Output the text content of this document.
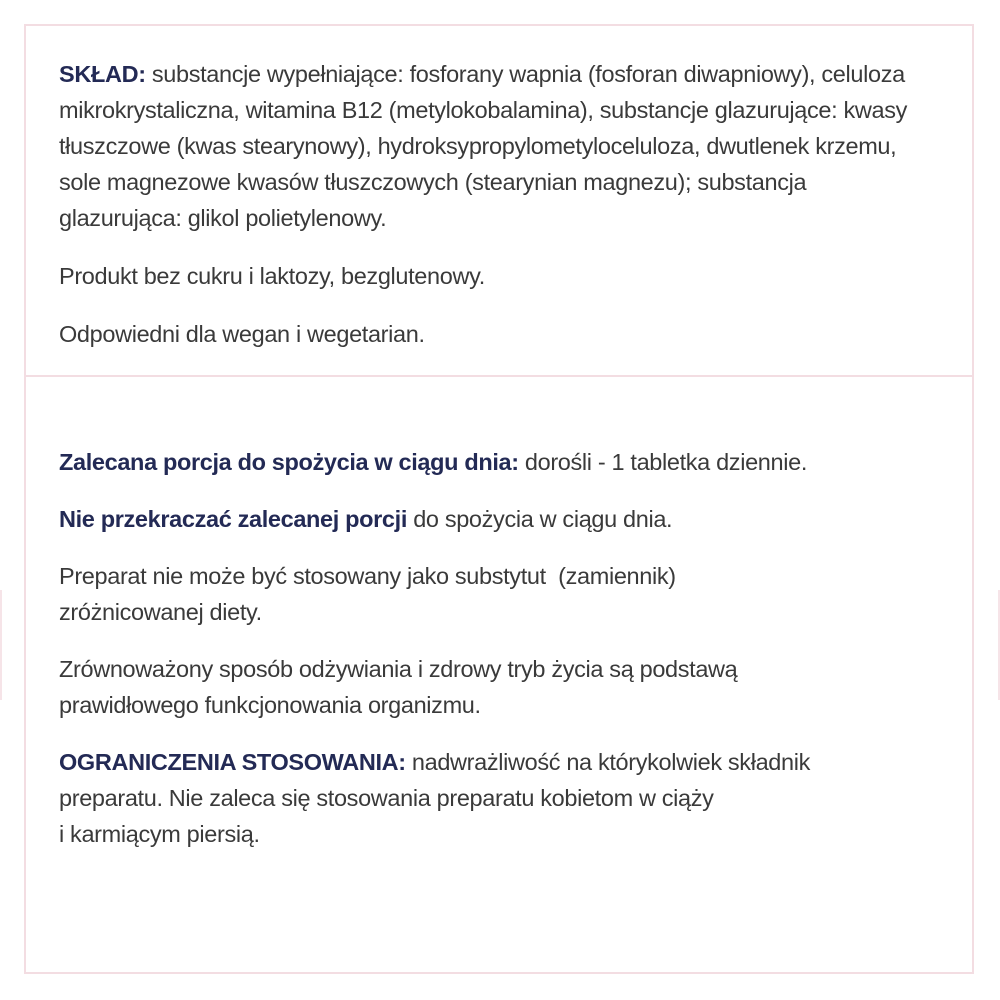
SKŁAD: substancje wypełniające: fosforany wapnia (fosforan diwapniowy), celuloza
mikrokrystaliczna, witamina B12 (metylokobalamina), substancje glazurujące: kwasy
tłuszczowe (kwas stearynowy), hydroksypropylometyloceluloza, dwutlenek krzemu,
sole magnezowe kwasów tłuszczowych (stearynian magnezu); substancja
glazurująca: glikol polietylenowy.

Produkt bez cukru i laktozy, bezglutenowy.

Odpowiedni dla wegan i wegetarian.

Zalecana porcja do spożycia w ciągu dnia: dorośli - 1 tabletka dziennie.

Nie przekraczać zalecanej porcji do spożycia w ciągu dnia.

Preparat nie może być stosowany jako substytut  (zamiennik)
zróżnicowanej diety.

Zrównoważony sposób odżywiania i zdrowy tryb życia są podstawą
prawidłowego funkcjonowania organizmu.

OGRANICZENIA STOSOWANIA: nadwrażliwość na którykolwiek składnik
preparatu. Nie zaleca się stosowania preparatu kobietom w ciąży
i karmiącym piersią.
